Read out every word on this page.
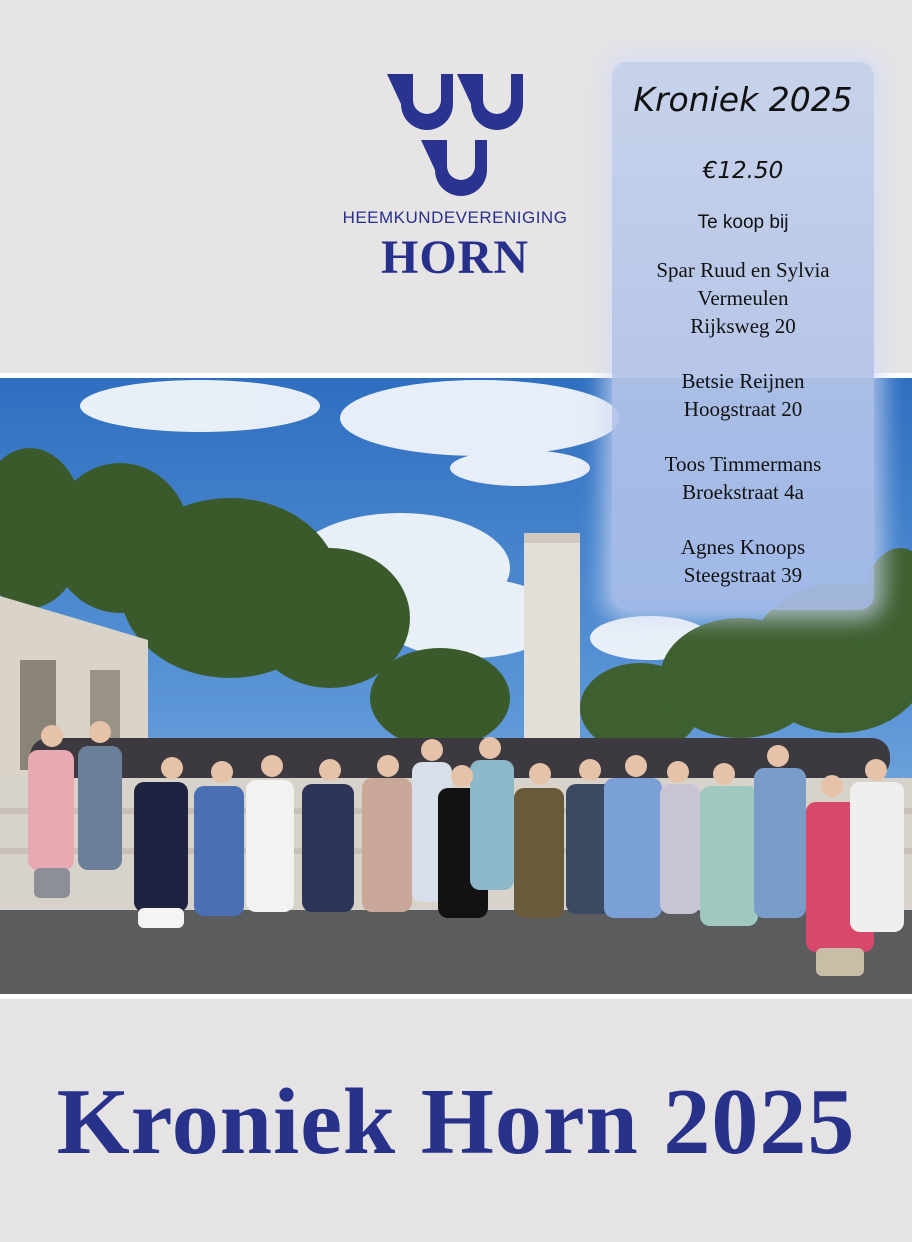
HEEMKUNDEVERENIGING
HORN
Kroniek 2025
€12.50
Te koop bij
Spar Ruud en Sylvia
Vermeulen
Rijksweg 20
Betsie Reijnen
Hoogstraat 20
Toos Timmermans
Broekstraat 4a
Agnes Knoops
Steegstraat 39
Kroniek Horn 2025
